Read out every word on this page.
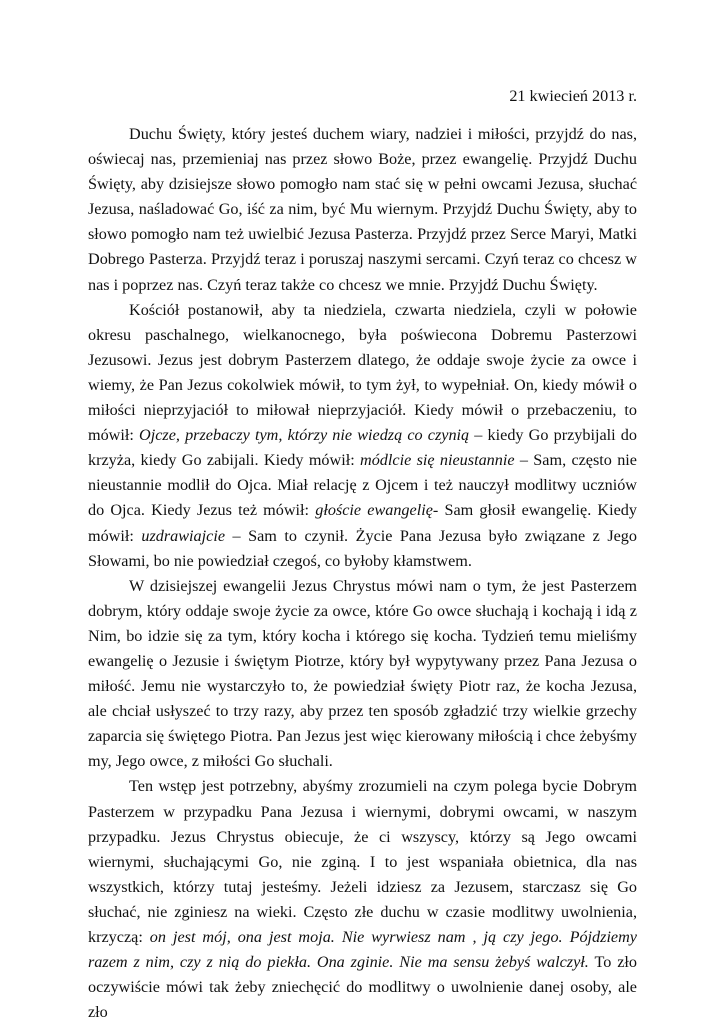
21 kwiecień 2013 r.

Duchu Święty, który jesteś duchem wiary, nadziei i miłości, przyjdź do nas, oświecaj nas, przemieniaj nas przez słowo Boże, przez ewangelię. Przyjdź Duchu Święty, aby dzisiejsze słowo pomogło nam stać się w pełni owcami Jezusa, słuchać Jezusa, naśladować Go, iść za nim, być Mu wiernym. Przyjdź Duchu Święty, aby to słowo pomogło nam też uwielbić Jezusa Pasterza. Przyjdź przez Serce Maryi, Matki Dobrego Pasterza. Przyjdź teraz i poruszaj naszymi sercami. Czyń teraz co chcesz w nas i poprzez nas. Czyń teraz także co chcesz we mnie. Przyjdź Duchu Święty.

Kościół postanowił, aby ta niedziela, czwarta niedziela, czyli w połowie okresu paschalnego, wielkanocnego, była poświecona Dobremu Pasterzowi Jezusowi. Jezus jest dobrym Pasterzem dlatego, że oddaje swoje życie za owce i wiemy, że Pan Jezus cokolwiek mówił, to tym żył, to wypełniał. On, kiedy mówił o miłości nieprzyjaciół to miłował nieprzyjaciół. Kiedy mówił o przebaczeniu, to mówił: Ojcze, przebaczy tym, którzy nie wiedzą co czynią – kiedy Go przybijali do krzyża, kiedy Go zabijali. Kiedy mówił: módlcie się nieustannie – Sam, często nie nieustannie modlił do Ojca. Miał relację z Ojcem i też nauczył modlitwy uczniów do Ojca. Kiedy Jezus też mówił: głoście ewangelię- Sam głosił ewangelię. Kiedy mówił: uzdrawiajcie – Sam to czynił. Życie Pana Jezusa było związane z Jego Słowami, bo nie powiedział czegoś, co byłoby kłamstwem.

W dzisiejszej ewangelii Jezus Chrystus mówi nam o tym, że jest Pasterzem dobrym, który oddaje swoje życie za owce, które Go owce słuchają i kochają i idą z Nim, bo idzie się za tym, który kocha i którego się kocha. Tydzień temu mieliśmy ewangelię o Jezusie i świętym Piotrze, który był wypytywany przez Pana Jezusa o miłość. Jemu nie wystarczyło to, że powiedział święty Piotr raz, że kocha Jezusa, ale chciał usłyszeć to trzy razy, aby przez ten sposób zgładzić trzy wielkie grzechy zaparcia się świętego Piotra. Pan Jezus jest więc kierowany miłością i chce żebyśmy my, Jego owce, z miłości Go słuchali.

Ten wstęp jest potrzebny, abyśmy zrozumieli na czym polega bycie Dobrym Pasterzem w przypadku Pana Jezusa i wiernymi, dobrymi owcami, w naszym przypadku. Jezus Chrystus obiecuje, że ci wszyscy, którzy są Jego owcami wiernymi, słuchającymi Go, nie zginą. I to jest wspaniała obietnica, dla nas wszystkich, którzy tutaj jesteśmy. Jeżeli idziesz za Jezusem, starczasz się Go słuchać, nie zginiesz na wieki. Często złe duchu w czasie modlitwy uwolnienia, krzyczą: on jest mój, ona jest moja. Nie wyrwiesz nam , ją czy jego. Pójdziemy razem z nim, czy z nią do piekła. Ona zginie. Nie ma sensu żebyś walczył. To zło oczywiście mówi tak żeby zniechęcić do modlitwy o uwolnienie danej osoby, ale zło
